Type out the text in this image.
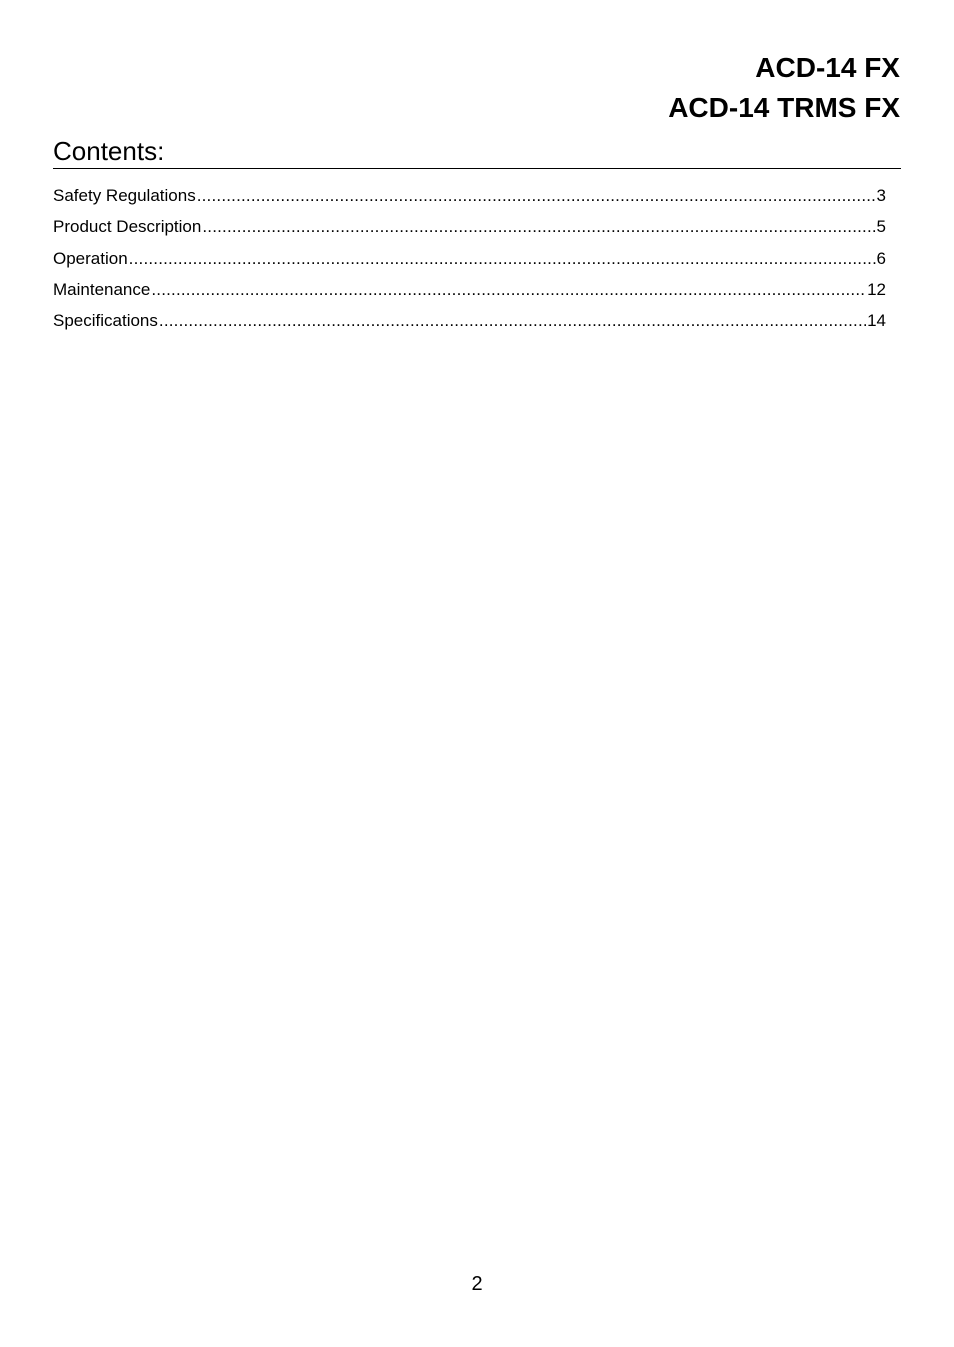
ACD-14 FX
ACD-14 TRMS FX
Contents:
Safety Regulations .....	3
Product Description .....	5
Operation .....	6
Maintenance .....	12
Specifications .....	14
2
